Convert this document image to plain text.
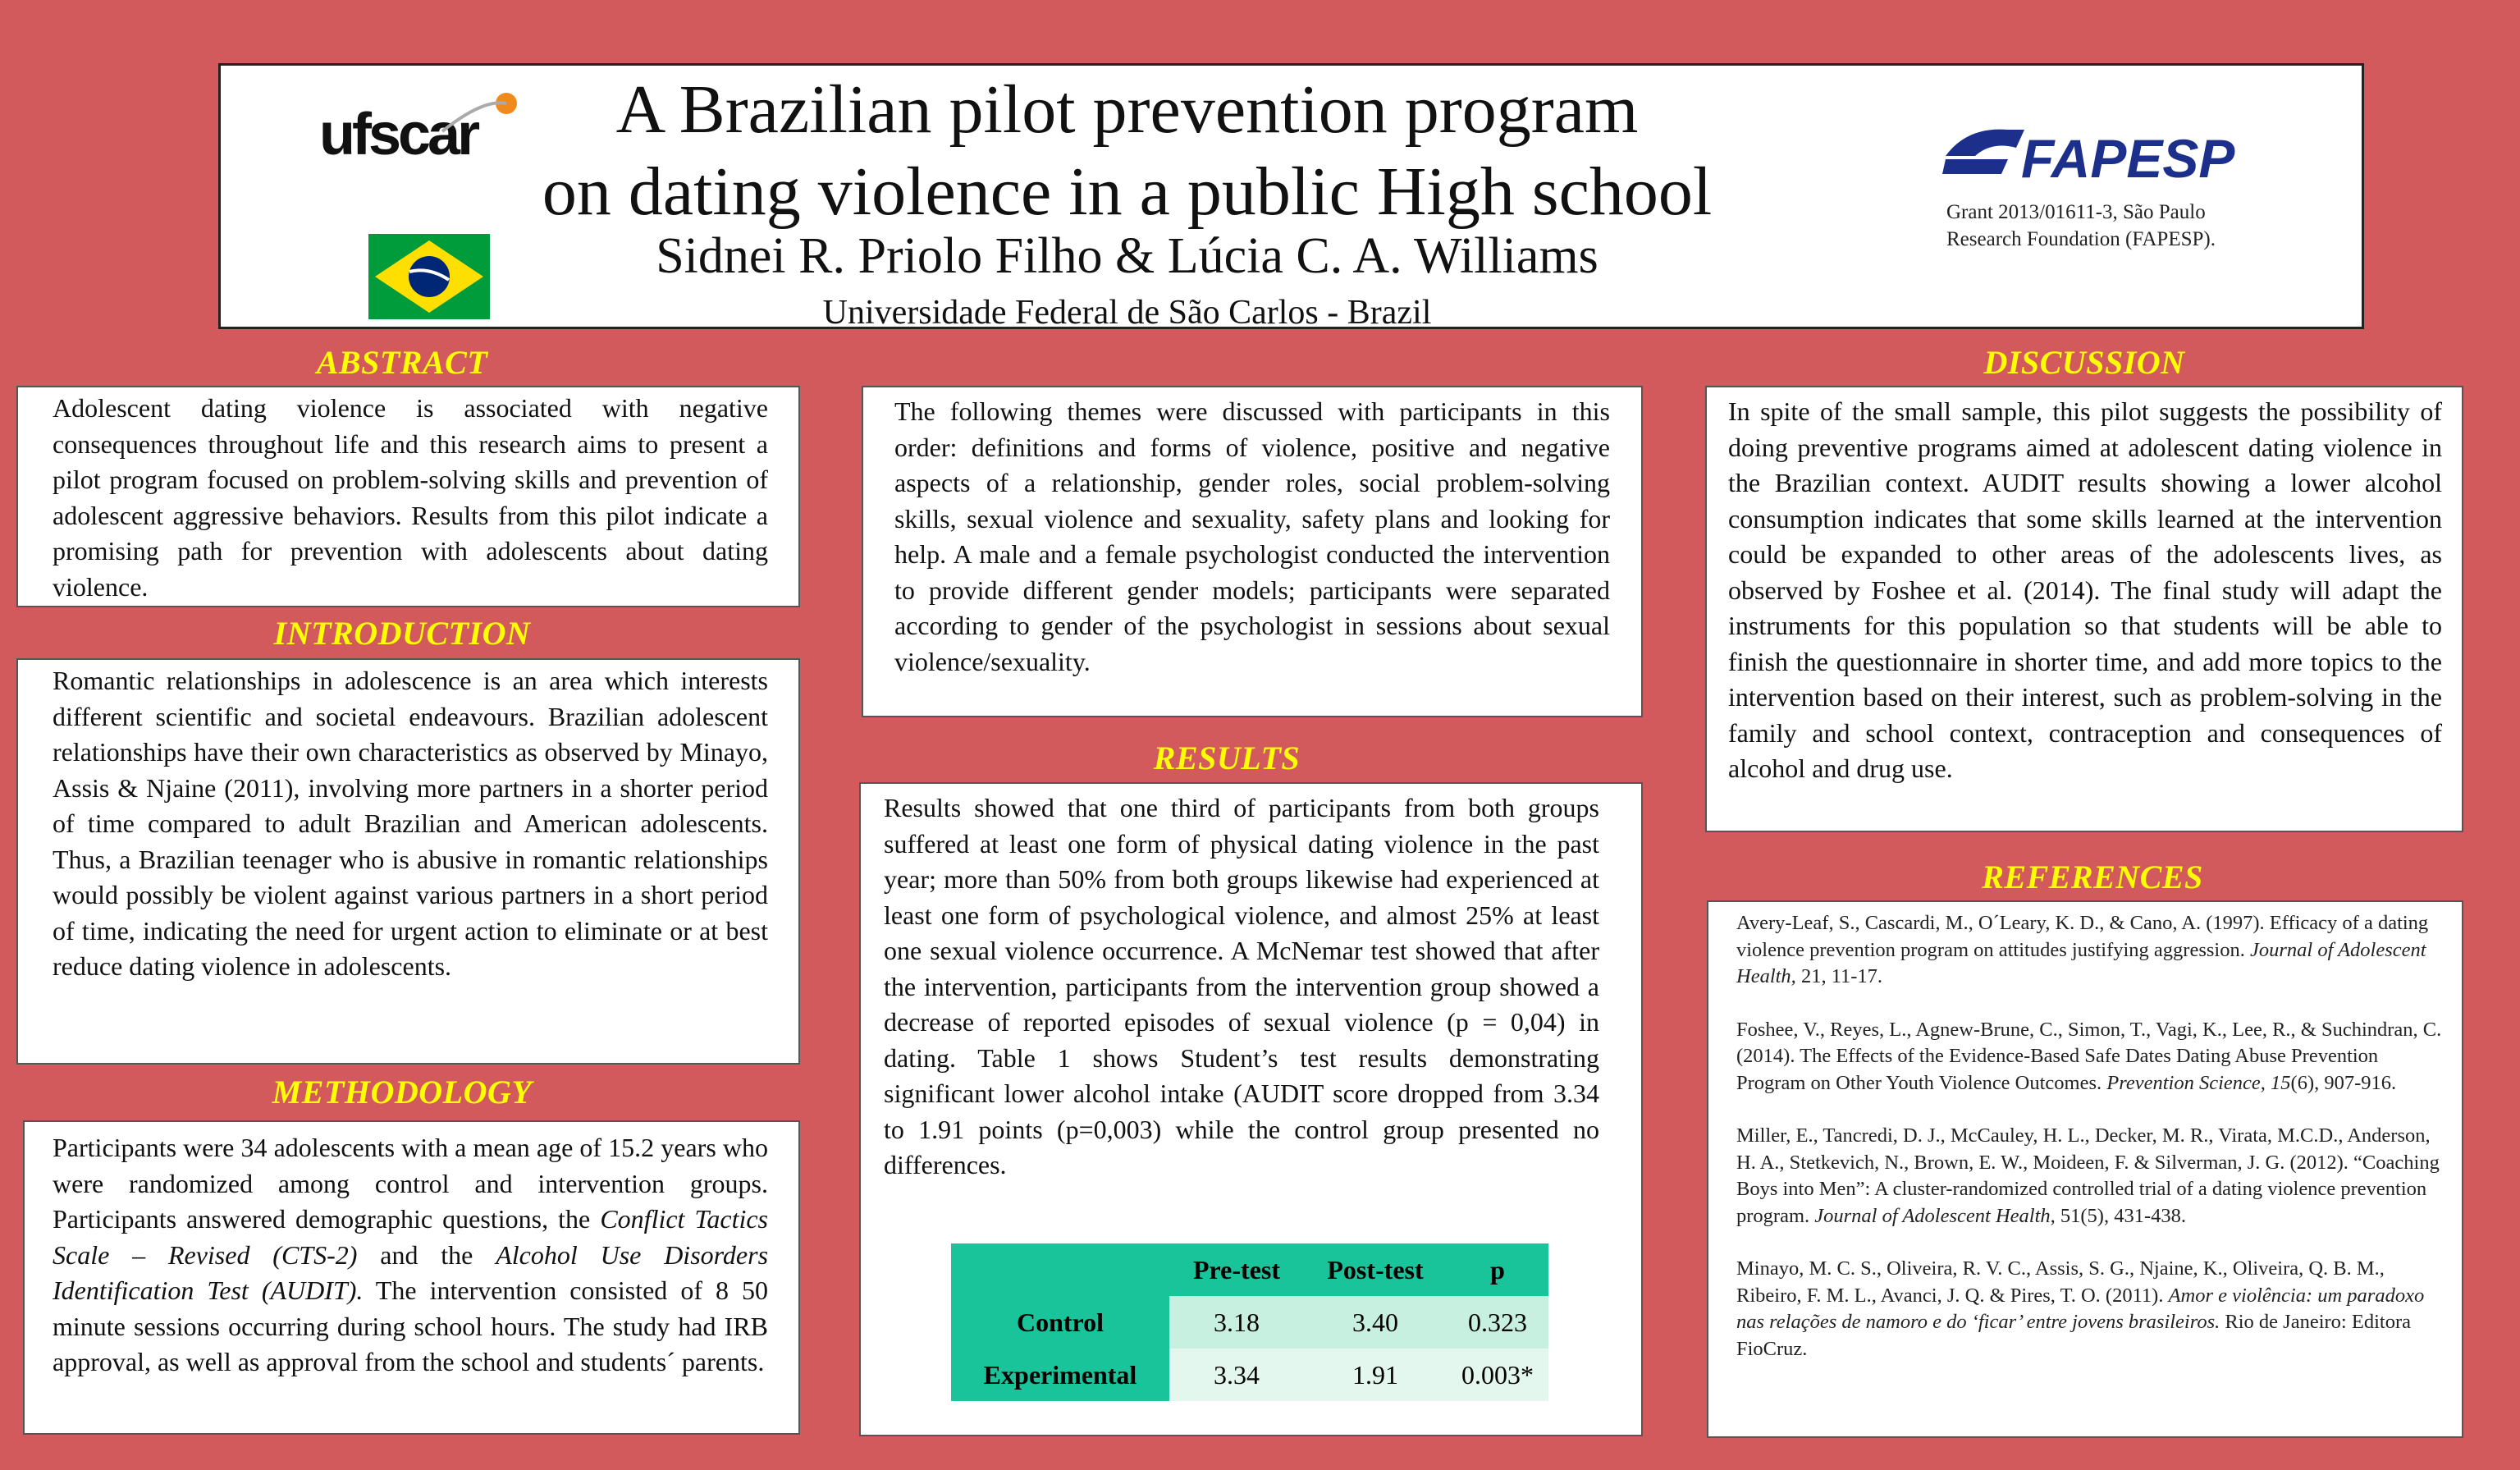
ufscar	A Brazilian pilot prevention program
on dating violence in a public High school
Sidnei R. Priolo Filho & Lúcia C. A. Williams
Universidade Federal de São Carlos - Brazil
FAPESP
Grant 2013/01611-3, São Paulo
Research Foundation (FAPESP).
ABSTRACT
Adolescent dating violence is associated with negative consequences throughout life and this research aims to present a pilot program focused on problem-solving skills and prevention of adolescent aggressive behaviors. Results from this pilot indicate a promising path for prevention with adolescents about dating violence.
INTRODUCTION
Romantic relationships in adolescence is an area which interests different scientific and societal endeavours. Brazilian adolescent relationships have their own characteristics as observed by Minayo, Assis & Njaine (2011), involving more partners in a shorter period of time compared to adult Brazilian and American adolescents. Thus, a Brazilian teenager who is abusive in romantic relationships would possibly be violent against various partners in a short period of time, indicating the need for urgent action to eliminate or at best reduce dating violence in adolescents.
METHODOLOGY
Participants were 34 adolescents with a mean age of 15.2 years who were randomized among control and intervention groups. Participants answered demographic questions, the Conflict Tactics Scale – Revised (CTS-2) and the Alcohol Use Disorders Identification Test (AUDIT). The intervention consisted of 8 50 minute sessions occurring during school hours. The study had IRB approval, as well as approval from the school and students´ parents.
The following themes were discussed with participants in this order: definitions and forms of violence, positive and negative aspects of a relationship, gender roles, social problem-solving skills, sexual violence and sexuality, safety plans and looking for help. A male and a female psychologist conducted the intervention to provide different gender models; participants were separated according to gender of the psychologist in sessions about sexual violence/sexuality.
RESULTS
Results showed that one third of participants from both groups suffered at least one form of physical dating violence in the past year; more than 50% from both groups likewise had experienced at least one form of psychological violence, and almost 25% at least one sexual violence occurrence. A McNemar test showed that after the intervention, participants from the intervention group showed a decrease of reported episodes of sexual violence (p = 0,04) in dating. Table 1 shows Student’s test results demonstrating significant lower alcohol intake (AUDIT score dropped from 3.34 to 1.91 points (p=0,003) while the control group presented no differences.
	Pre-test	Post-test	p
Control	3.18	3.40	0.323
Experimental	3.34	1.91	0.003*
DISCUSSION
In spite of the small sample, this pilot suggests the possibility of doing preventive programs aimed at adolescent dating violence in the Brazilian context. AUDIT results showing a lower alcohol consumption indicates that some skills learned at the intervention could be expanded to other areas of the adolescents lives, as observed by Foshee et al. (2014). The final study will adapt the instruments for this population so that students will be able to finish the questionnaire in shorter time, and add more topics to the intervention based on their interest, such as problem-solving in the family and school context, contraception and consequences of alcohol and drug use.
REFERENCES
Avery-Leaf, S., Cascardi, M., O´Leary, K. D., & Cano, A. (1997). Efficacy of a dating violence prevention program on attitudes justifying aggression. Journal of Adolescent Health, 21, 11-17.
Foshee, V., Reyes, L., Agnew-Brune, C., Simon, T., Vagi, K., Lee, R., & Suchindran, C. (2014). The Effects of the Evidence-Based Safe Dates Dating Abuse Prevention Program on Other Youth Violence Outcomes. Prevention Science, 15(6), 907-916.
Miller, E., Tancredi, D. J., McCauley, H. L., Decker, M. R., Virata, M.C.D., Anderson, H. A., Stetkevich, N., Brown, E. W., Moideen, F. & Silverman, J. G. (2012). “Coaching Boys into Men”: A cluster-randomized controlled trial of a dating violence prevention program. Journal of Adolescent Health, 51(5), 431-438.
Minayo, M. C. S., Oliveira, R. V. C., Assis, S. G., Njaine, K., Oliveira, Q. B. M., Ribeiro, F. M. L., Avanci, J. Q. & Pires, T. O. (2011). Amor e violência: um paradoxo nas relações de namoro e do ‘ficar’ entre jovens brasileiros. Rio de Janeiro: Editora FioCruz.
